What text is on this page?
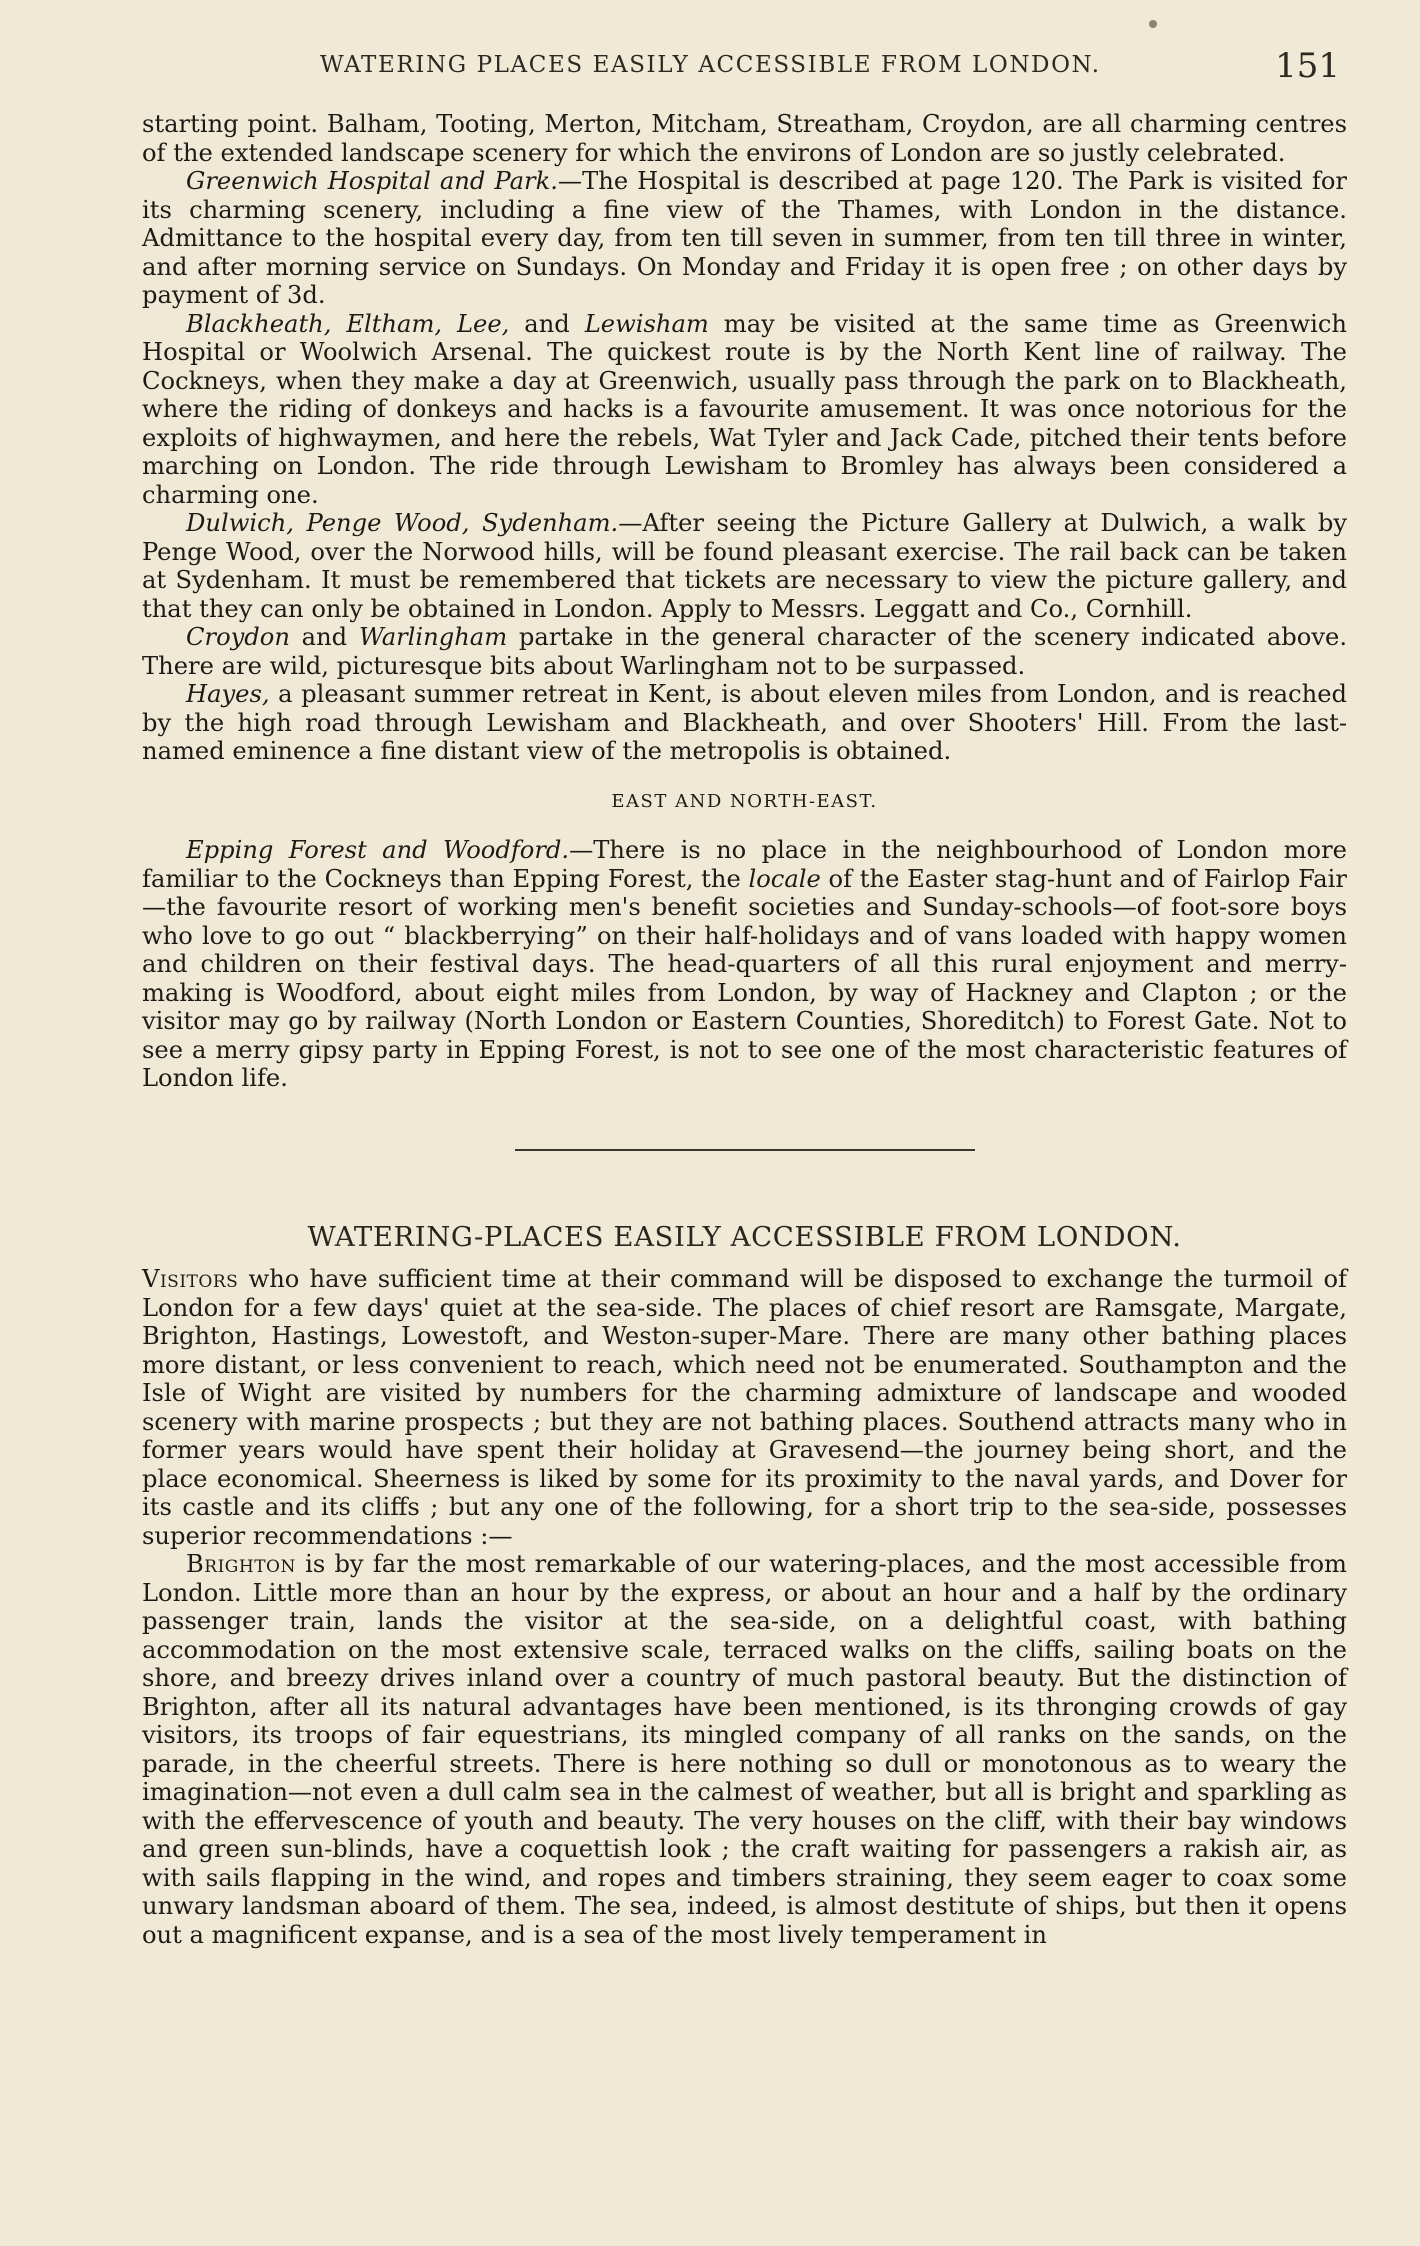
WATERING PLACES EASILY ACCESSIBLE FROM LONDON.	151

starting point. Balham, Tooting, Merton, Mitcham, Streatham, Croydon, are all charming centres of the extended landscape scenery for which the environs of London are so justly celebrated.

Greenwich Hospital and Park.—The Hospital is described at page 120. The Park is visited for its charming scenery, including a fine view of the Thames, with London in the distance. Admittance to the hospital every day, from ten till seven in summer, from ten till three in winter, and after morning service on Sundays. On Monday and Friday it is open free ; on other days by payment of 3d.

Blackheath, Eltham, Lee, and Lewisham may be visited at the same time as Greenwich Hospital or Woolwich Arsenal. The quickest route is by the North Kent line of railway. The Cockneys, when they make a day at Greenwich, usually pass through the park on to Blackheath, where the riding of donkeys and hacks is a favourite amusement. It was once notorious for the exploits of highwaymen, and here the rebels, Wat Tyler and Jack Cade, pitched their tents before marching on London. The ride through Lewisham to Bromley has always been considered a charming one.

Dulwich, Penge Wood, Sydenham.—After seeing the Picture Gallery at Dulwich, a walk by Penge Wood, over the Norwood hills, will be found pleasant exercise. The rail back can be taken at Sydenham. It must be remembered that tickets are necessary to view the picture gallery, and that they can only be obtained in London. Apply to Messrs. Leggatt and Co., Cornhill.

Croydon and Warlingham partake in the general character of the scenery indicated above. There are wild, picturesque bits about Warlingham not to be surpassed.

Hayes, a pleasant summer retreat in Kent, is about eleven miles from London, and is reached by the high road through Lewisham and Blackheath, and over Shooters' Hill. From the last-named eminence a fine distant view of the metropolis is obtained.

EAST AND NORTH-EAST.

Epping Forest and Woodford.—There is no place in the neighbourhood of London more familiar to the Cockneys than Epping Forest, the locale of the Easter stag-hunt and of Fairlop Fair—the favourite resort of working men's benefit societies and Sunday-schools—of foot-sore boys who love to go out “ blackberrying” on their half-holidays and of vans loaded with happy women and children on their festival days. The head-quarters of all this rural enjoyment and merry-making is Woodford, about eight miles from London, by way of Hackney and Clapton ; or the visitor may go by railway (North London or Eastern Counties, Shoreditch) to Forest Gate. Not to see a merry gipsy party in Epping Forest, is not to see one of the most characteristic features of London life.

WATERING-PLACES EASILY ACCESSIBLE FROM LONDON.

Visitors who have sufficient time at their command will be disposed to exchange the turmoil of London for a few days' quiet at the sea-side. The places of chief resort are Ramsgate, Margate, Brighton, Hastings, Lowestoft, and Weston-super-Mare. There are many other bathing places more distant, or less convenient to reach, which need not be enumerated. Southampton and the Isle of Wight are visited by numbers for the charming admixture of landscape and wooded scenery with marine prospects ; but they are not bathing places. Southend attracts many who in former years would have spent their holiday at Gravesend—the journey being short, and the place economical. Sheerness is liked by some for its proximity to the naval yards, and Dover for its castle and its cliffs ; but any one of the following, for a short trip to the sea-side, possesses superior recommendations :—

Brighton is by far the most remarkable of our watering-places, and the most accessible from London. Little more than an hour by the express, or about an hour and a half by the ordinary passenger train, lands the visitor at the sea-side, on a delightful coast, with bathing accommodation on the most extensive scale, terraced walks on the cliffs, sailing boats on the shore, and breezy drives inland over a country of much pastoral beauty. But the distinction of Brighton, after all its natural advantages have been mentioned, is its thronging crowds of gay visitors, its troops of fair equestrians, its mingled company of all ranks on the sands, on the parade, in the cheerful streets. There is here nothing so dull or monotonous as to weary the imagination—not even a dull calm sea in the calmest of weather, but all is bright and sparkling as with the effervescence of youth and beauty. The very houses on the cliff, with their bay windows and green sun-blinds, have a coquettish look ; the craft waiting for passengers a rakish air, as with sails flapping in the wind, and ropes and timbers straining, they seem eager to coax some unwary landsman aboard of them. The sea, indeed, is almost destitute of ships, but then it opens out a magnificent expanse, and is a sea of the most lively temperament in
